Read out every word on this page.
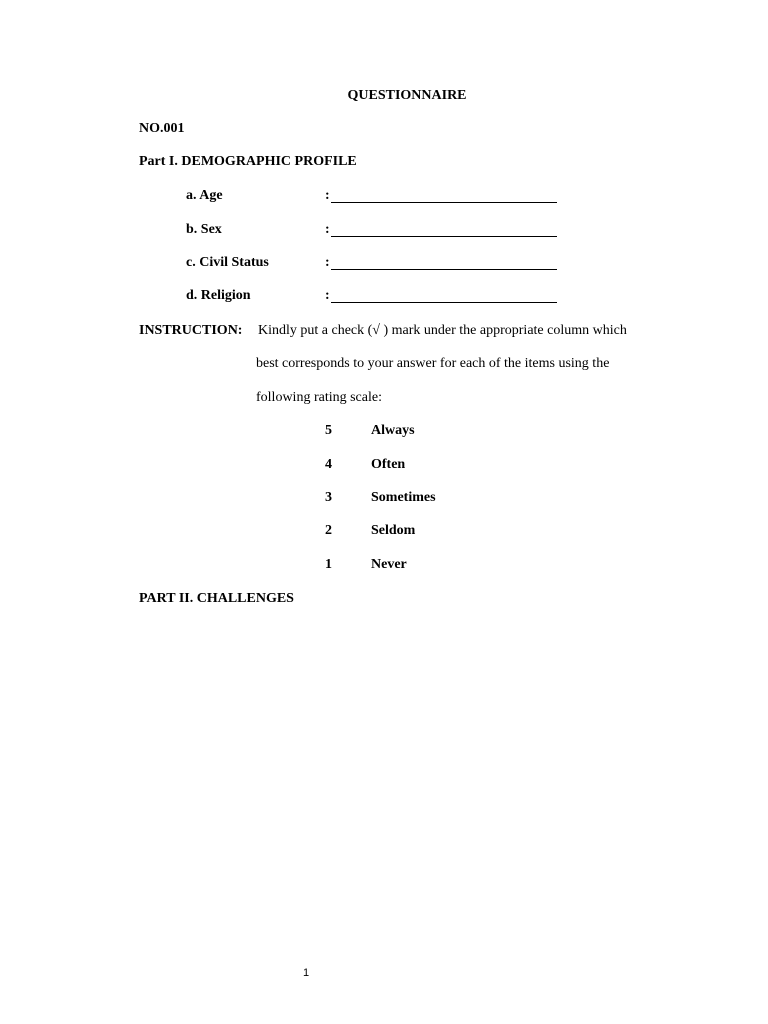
QUESTIONNAIRE
NO.001
Part I. DEMOGRAPHIC PROFILE
a. Age	:
b. Sex	:
c. Civil Status	:
d. Religion	:
INSTRUCTION: Kindly put a check (√ ) mark under the appropriate column which
best corresponds to your answer for each of the items using the
following rating scale:
5	Always
4	Often
3	Sometimes
2	Seldom
1	Never
PART II. CHALLENGES
1
